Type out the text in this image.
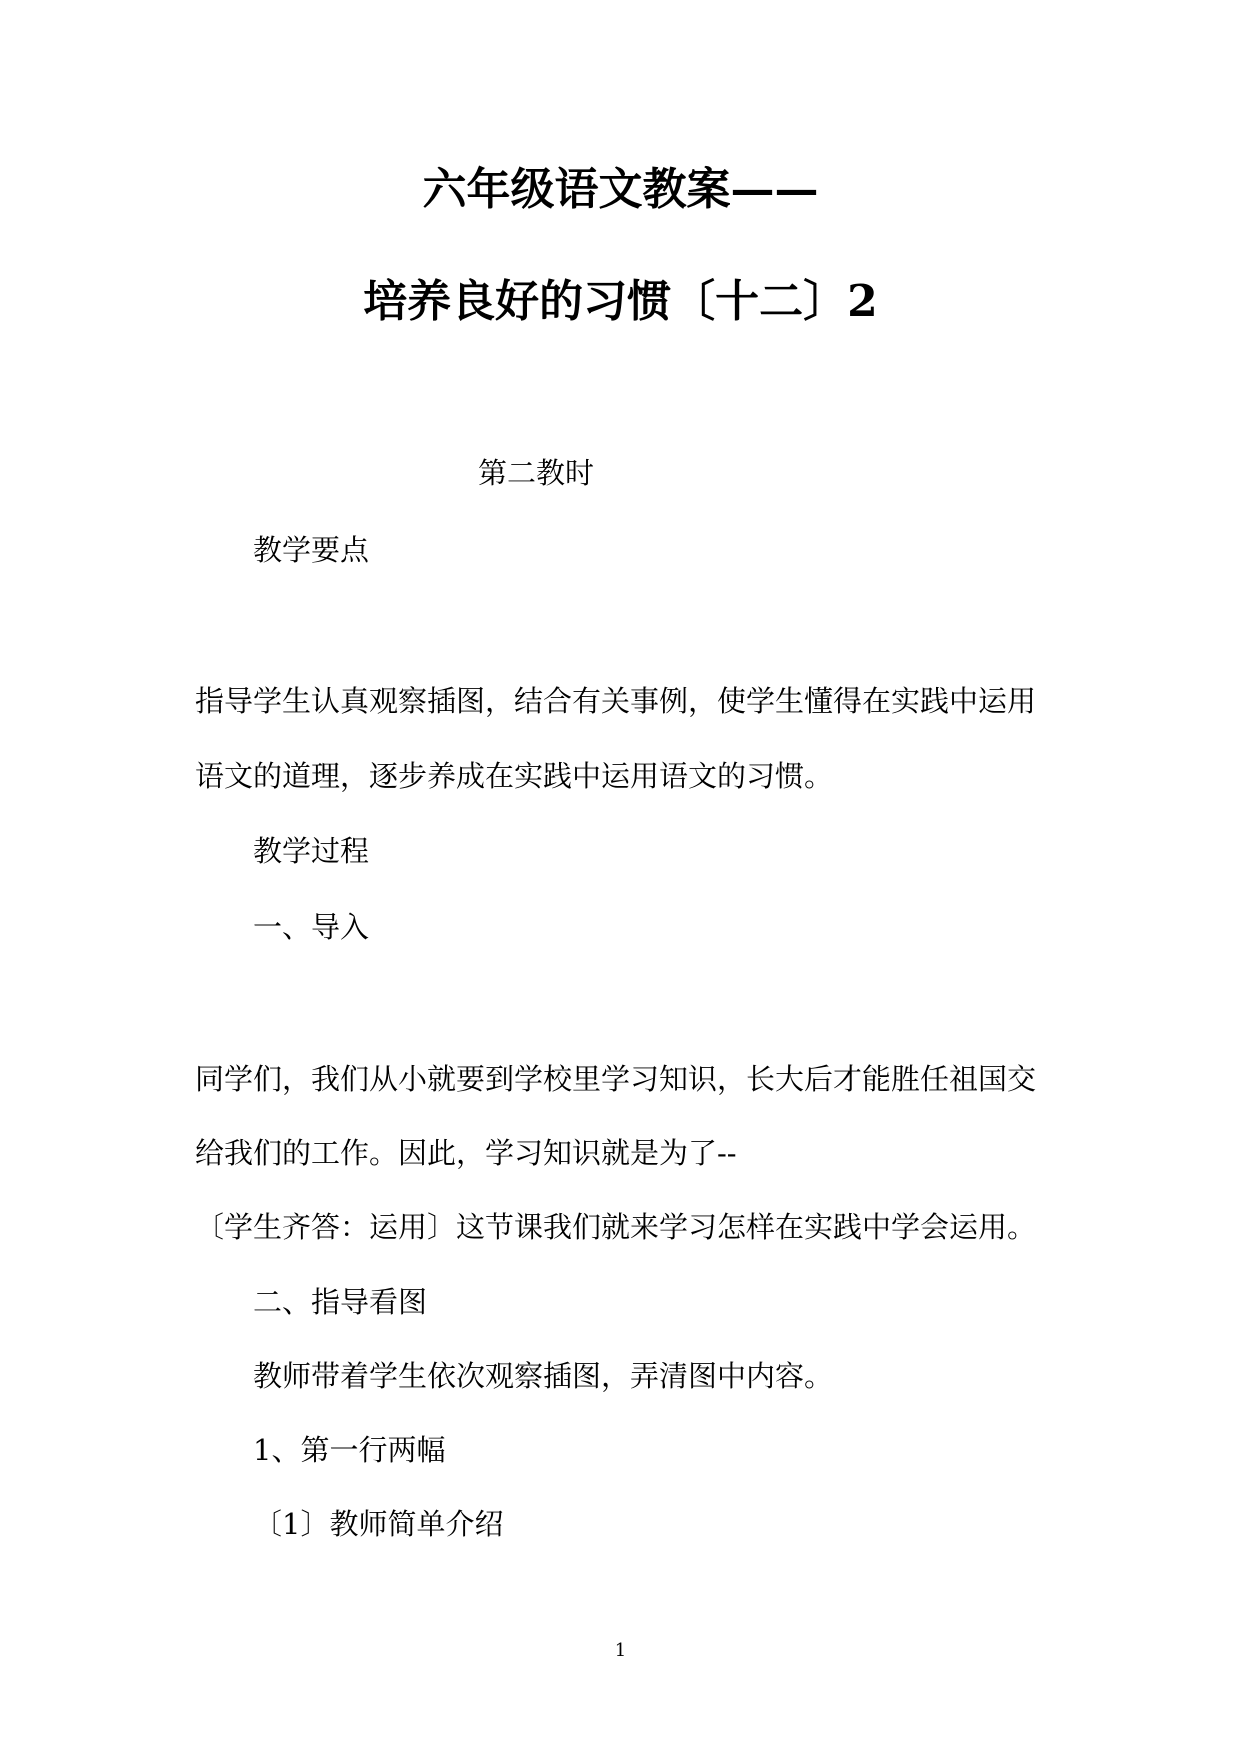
六年级语文教案——
培养良好的习惯〔十二〕2
第二教时
教学要点
指导学生认真观察插图，结合有关事例，使学生懂得在实践中运用
语文的道理，逐步养成在实践中运用语文的习惯。
教学过程
一、导入
同学们，我们从小就要到学校里学习知识，长大后才能胜任祖国交
给我们的工作。因此，学习知识就是为了--
〔学生齐答：运用〕这节课我们就来学习怎样在实践中学会运用。
二、指导看图
教师带着学生依次观察插图，弄清图中内容。
1、第一行两幅
〔1〕教师简单介绍
1
